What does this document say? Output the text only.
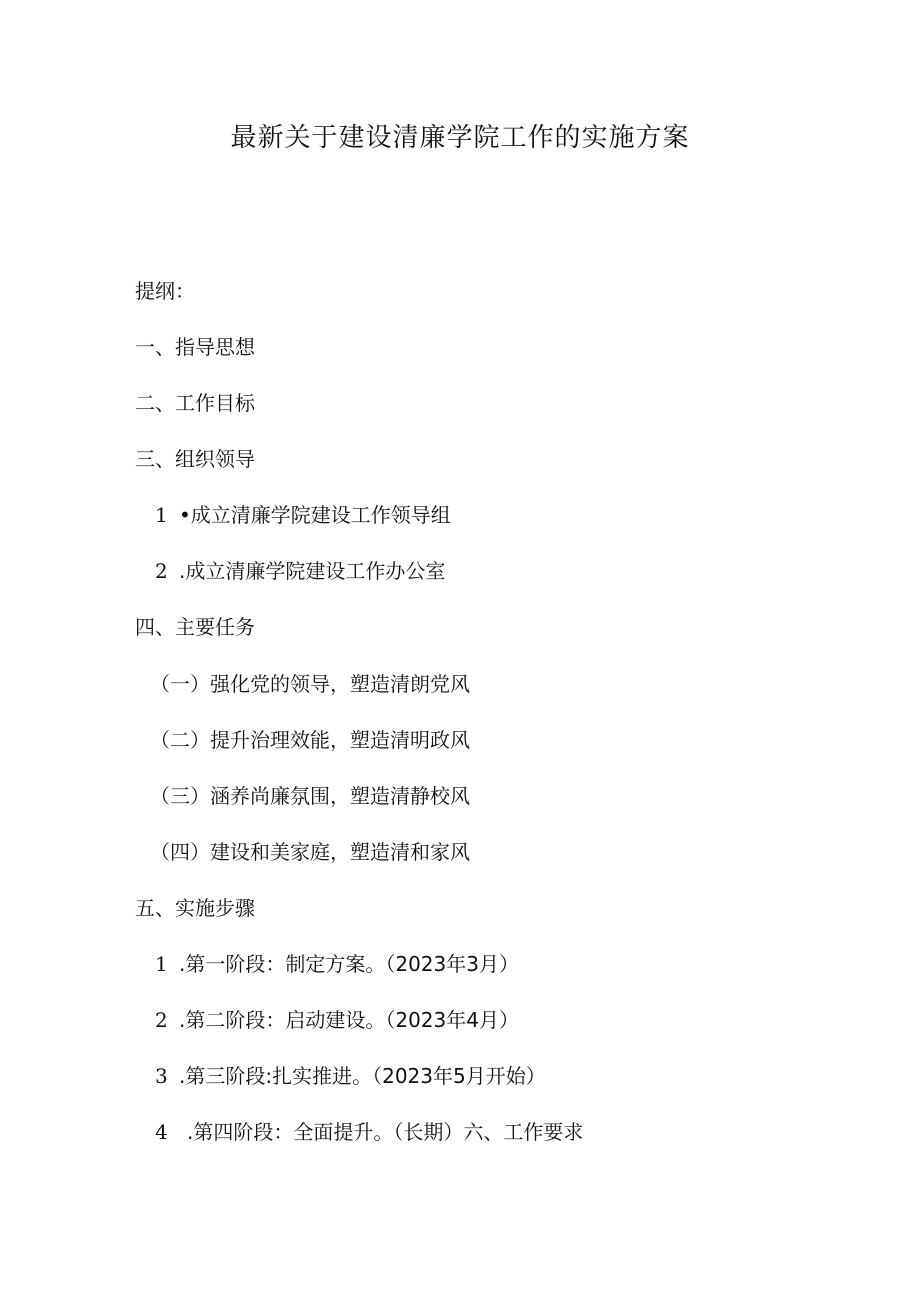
最新关于建设清廉学院工作的实施方案
提纲：
一、指导思想
二、工作目标
三、组织领导
1 •成立清廉学院建设工作领导组
2 .成立清廉学院建设工作办公室
四、主要任务
（一）强化党的领导，塑造清朗党风
（二）提升治理效能，塑造清明政风
（三）涵养尚廉氛围，塑造清静校风
（四）建设和美家庭，塑造清和家风
五、实施步骤
1 .第一阶段：制定方案。（2023年3月）
2 .第二阶段：启动建设。（2023年4月）
3 .第三阶段:扎实推进。（2023年5月开始）
4 .第四阶段：全面提升。（长期）六、工作要求
